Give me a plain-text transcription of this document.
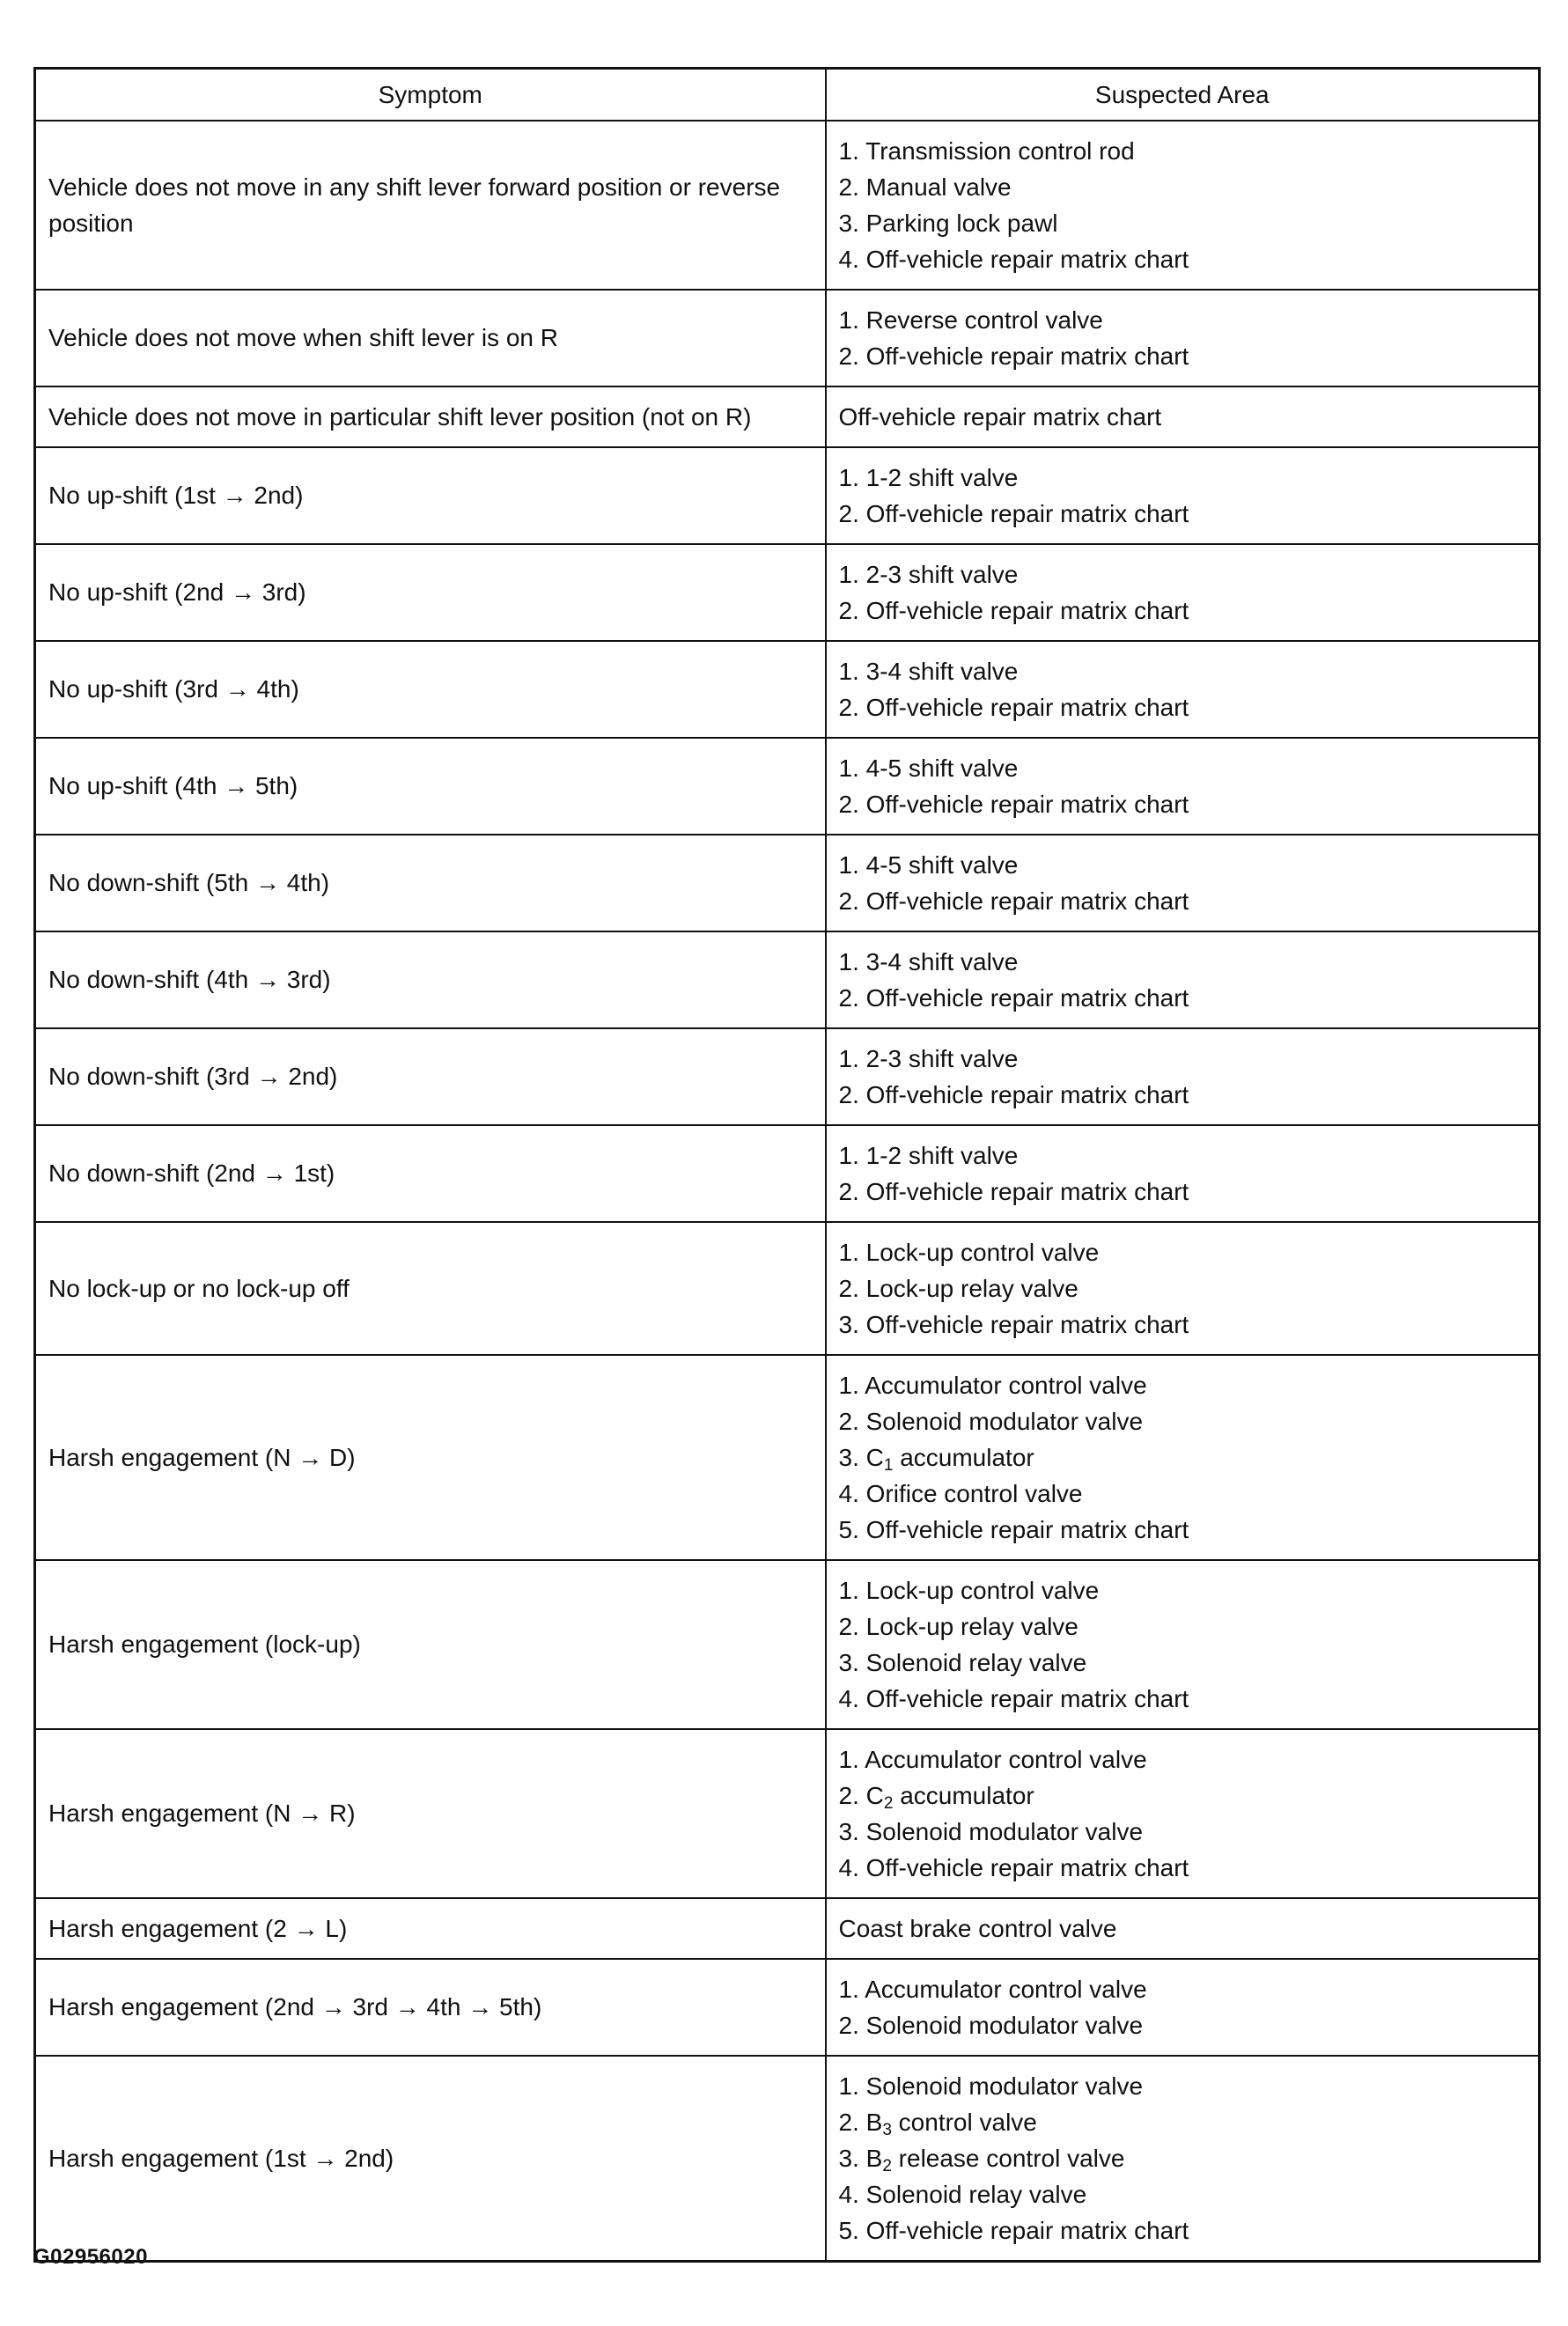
Symptom	Suspected Area
Vehicle does not move in any shift lever forward position or reverse position	1. Transmission control rod
2. Manual valve
3. Parking lock pawl
4. Off-vehicle repair matrix chart

Vehicle does not move when shift lever is on R	1. Reverse control valve
2. Off-vehicle repair matrix chart

Vehicle does not move in particular shift lever position (not on R)	Off-vehicle repair matrix chart

No up-shift (1st → 2nd)	1. 1-2 shift valve
2. Off-vehicle repair matrix chart

No up-shift (2nd → 3rd)	1. 2-3 shift valve
2. Off-vehicle repair matrix chart

No up-shift (3rd → 4th)	1. 3-4 shift valve
2. Off-vehicle repair matrix chart

No up-shift (4th → 5th)	1. 4-5 shift valve
2. Off-vehicle repair matrix chart

No down-shift (5th → 4th)	1. 4-5 shift valve
2. Off-vehicle repair matrix chart

No down-shift (4th → 3rd)	1. 3-4 shift valve
2. Off-vehicle repair matrix chart

No down-shift (3rd → 2nd)	1. 2-3 shift valve
2. Off-vehicle repair matrix chart

No down-shift (2nd → 1st)	1. 1-2 shift valve
2. Off-vehicle repair matrix chart

No lock-up or no lock-up off	1. Lock-up control valve
2. Lock-up relay valve
3. Off-vehicle repair matrix chart

Harsh engagement (N → D)	1. Accumulator control valve
2. Solenoid modulator valve
3. $C_1$ accumulator
4. Orifice control valve
5. Off-vehicle repair matrix chart

Harsh engagement (lock-up)	1. Lock-up control valve
2. Lock-up relay valve
3. Solenoid relay valve
4. Off-vehicle repair matrix chart

Harsh engagement (N → R)	1. Accumulator control valve
2. $C_2$ accumulator
3. Solenoid modulator valve
4. Off-vehicle repair matrix chart

Harsh engagement (2 → L)	Coast brake control valve

Harsh engagement (2nd → 3rd → 4th → 5th)	1. Accumulator control valve
2. Solenoid modulator valve

Harsh engagement (1st → 2nd)	1. Solenoid modulator valve
2. $B_3$ control valve
3. $B_2$ release control valve
4. Solenoid relay valve
5. Off-vehicle repair matrix chart
G02956020
